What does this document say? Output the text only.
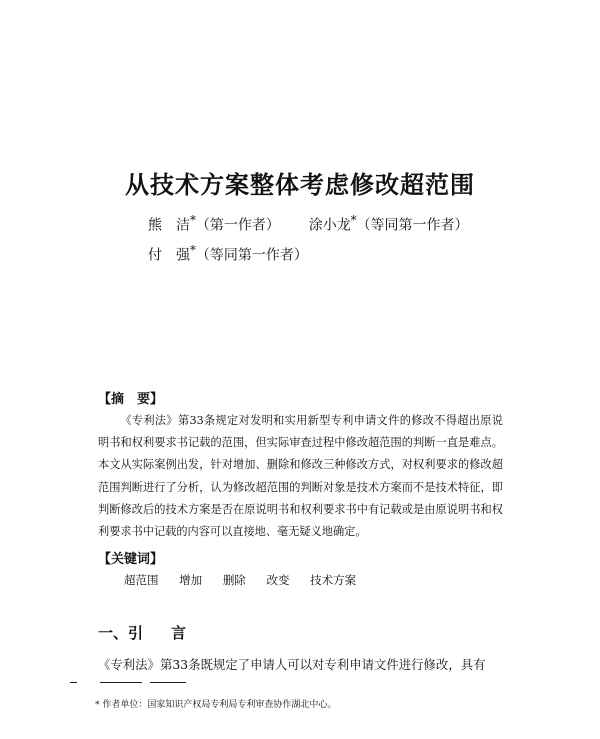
从技术方案整体考虑修改超范围
熊　洁*（第一作者） 涂小龙*（等同第一作者）
付　强*（等同第一作者）
【摘　要】
《专利法》第33条规定对发明和实用新型专利申请文件的修改不得超出原说明书和权利要求书记载的范围，但实际审查过程中修改超范围的判断一直是难点。本文从实际案例出发，针对增加、删除和修改三种修改方式，对权利要求的修改超范围判断进行了分析，认为修改超范围的判断对象是技术方案而不是技术特征，即判断修改后的技术方案是否在原说明书和权利要求书中有记载或是由原说明书和权利要求书中记载的内容可以直接地、毫无疑义地确定。
【关键词】
超范围 增加 删除 改变 技术方案
一、引 言
《专利法》第33条既规定了申请人可以对专利申请文件进行修改，具有
* 作者单位：国家知识产权局专利局专利审查协作湖北中心。
